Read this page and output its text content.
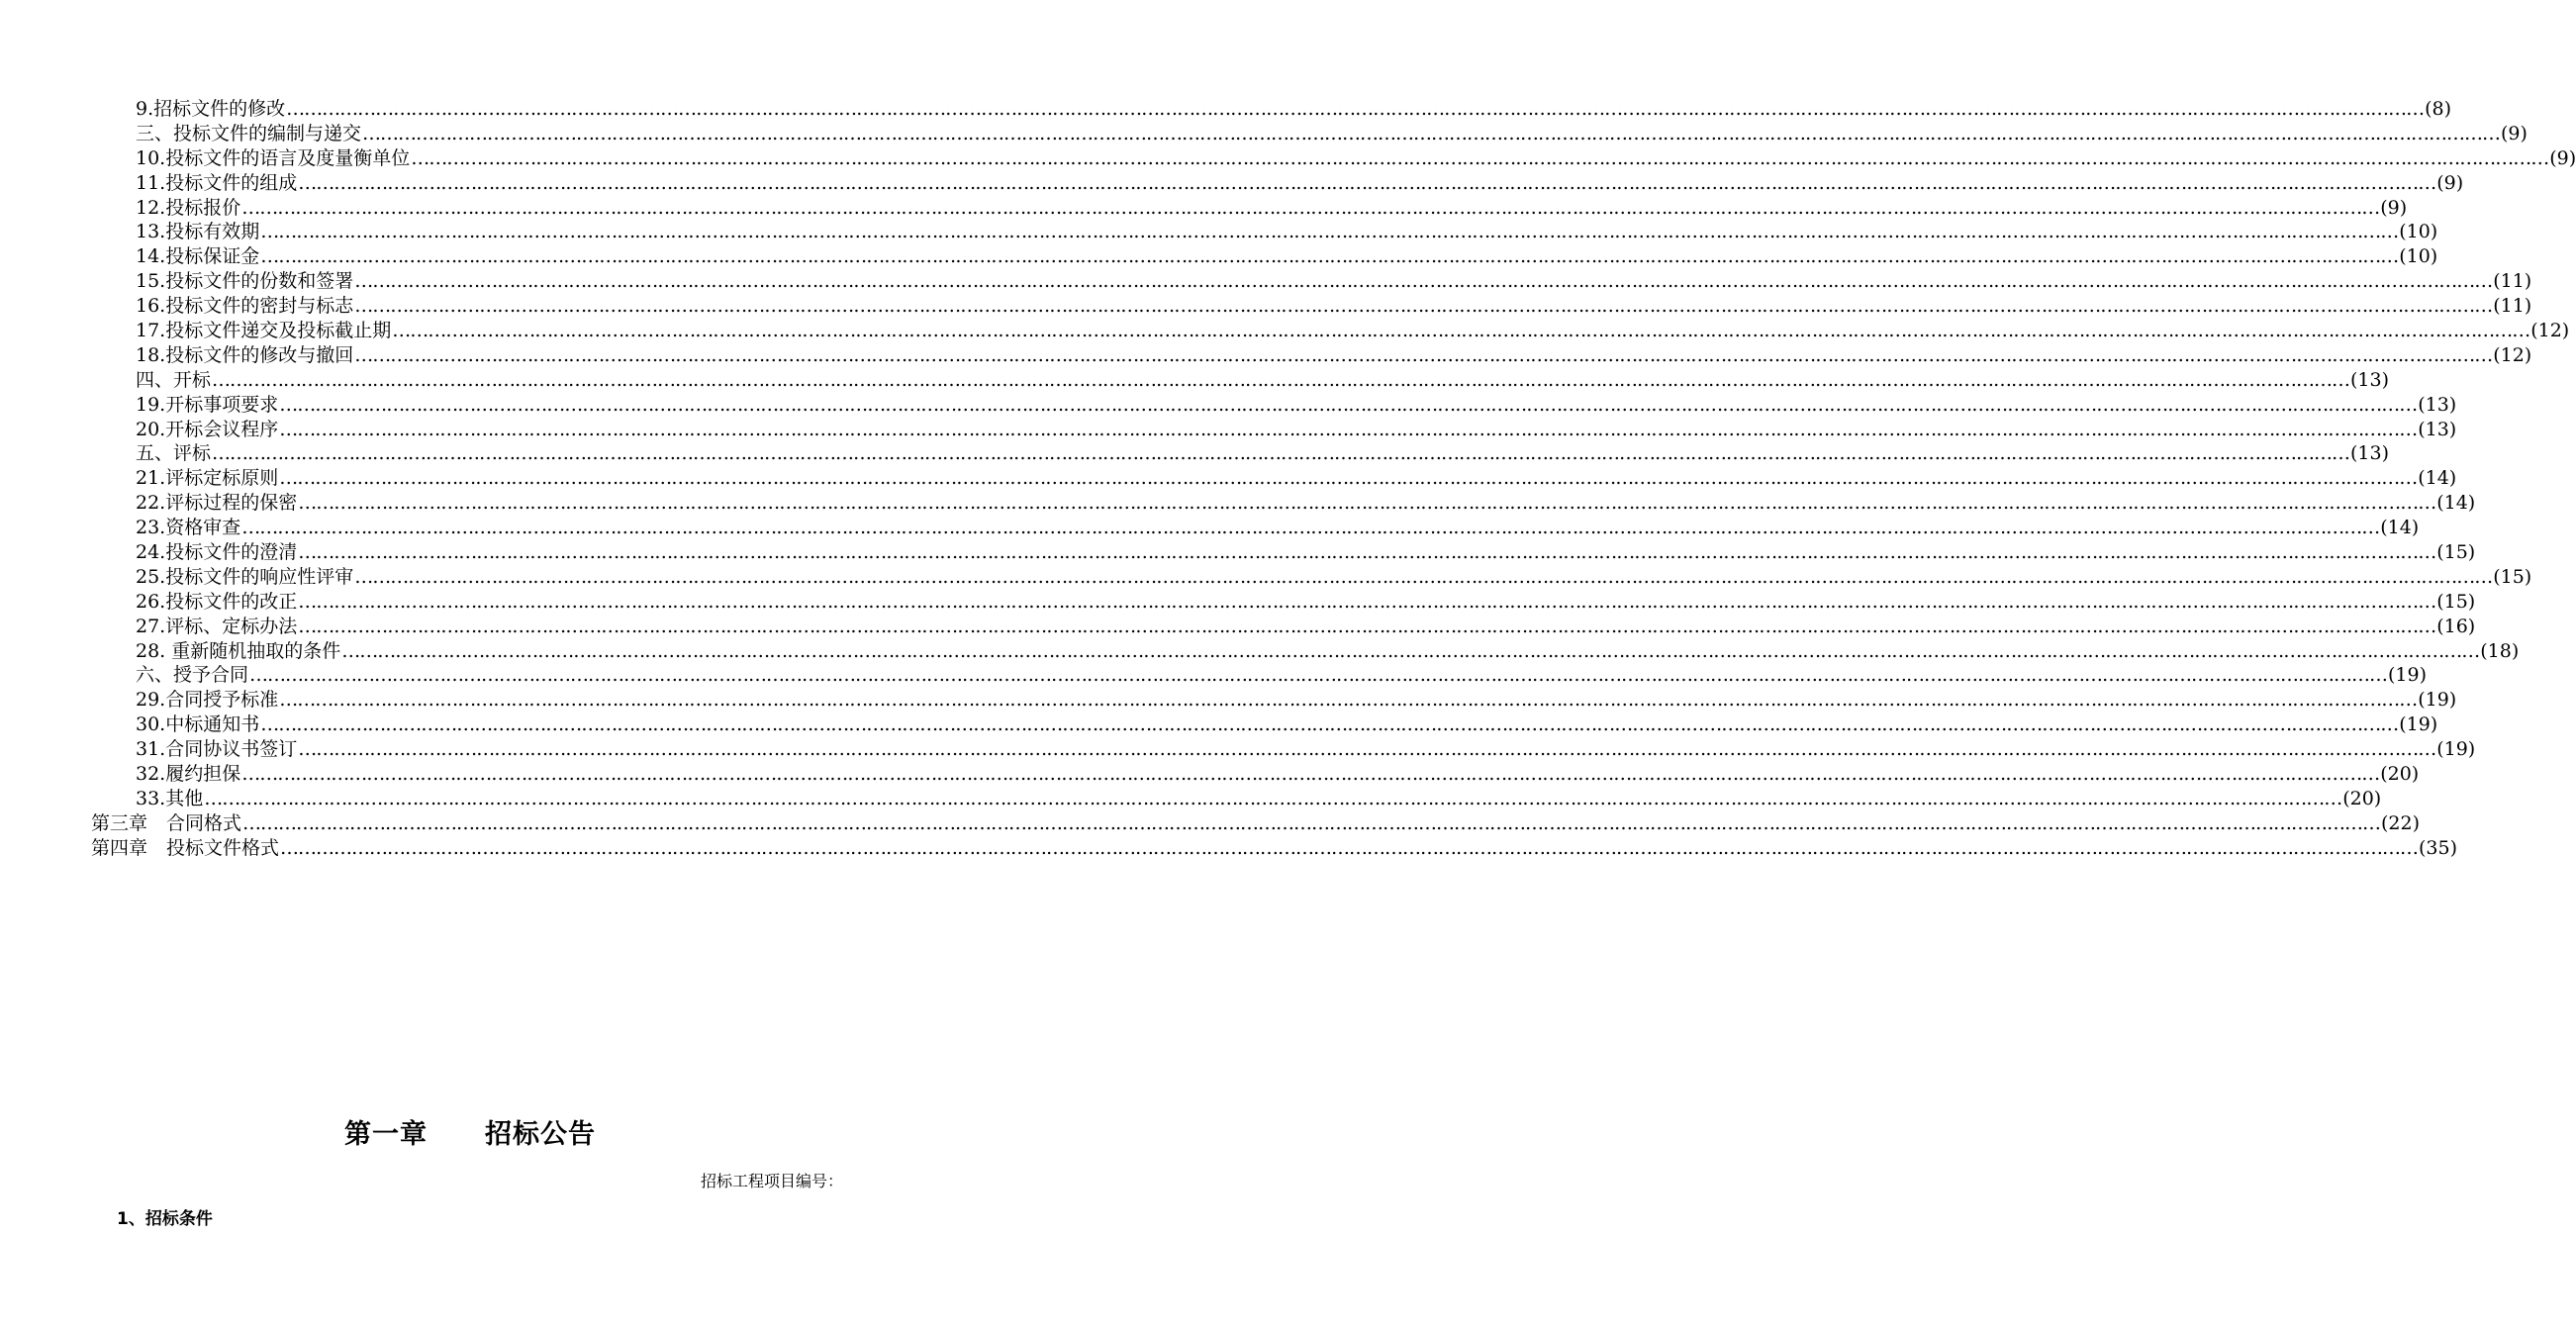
9.招标文件的修改 ……………………………………………………………………………………………………………………………………………………………………………………………………………………………………………………………………………………………………………………………… (8)
三、投标文件的编制与递交 ……………………………………………………………………………………………………………………………………………………………………………………………………………………………………………………………………………………………………………………………… (9)
10.投标文件的语言及度量衡单位 ……………………………………………………………………………………………………………………………………………………………………………………………………………………………………………………………………………………………………………………………… (9)
11.投标文件的组成 ……………………………………………………………………………………………………………………………………………………………………………………………………………………………………………………………………………………………………………………………… (9)
12.投标报价 ……………………………………………………………………………………………………………………………………………………………………………………………………………………………………………………………………………………………………………………………… (9)
13.投标有效期 ……………………………………………………………………………………………………………………………………………………………………………………………………………………………………………………………………………………………………………………………… (10)
14.投标保证金 ……………………………………………………………………………………………………………………………………………………………………………………………………………………………………………………………………………………………………………………………… (10)
15.投标文件的份数和签署 ……………………………………………………………………………………………………………………………………………………………………………………………………………………………………………………………………………………………………………………………… (11)
16.投标文件的密封与标志 ……………………………………………………………………………………………………………………………………………………………………………………………………………………………………………………………………………………………………………………………… (11)
17.投标文件递交及投标截止期 ……………………………………………………………………………………………………………………………………………………………………………………………………………………………………………………………………………………………………………………………… (12)
18.投标文件的修改与撤回 ……………………………………………………………………………………………………………………………………………………………………………………………………………………………………………………………………………………………………………………………… (12)
四、开标 ……………………………………………………………………………………………………………………………………………………………………………………………………………………………………………………………………………………………………………………………… (13)
19.开标事项要求 ……………………………………………………………………………………………………………………………………………………………………………………………………………………………………………………………………………………………………………………………… (13)
20.开标会议程序 ……………………………………………………………………………………………………………………………………………………………………………………………………………………………………………………………………………………………………………………………… (13)
五、评标 ……………………………………………………………………………………………………………………………………………………………………………………………………………………………………………………………………………………………………………………………… (13)
21.评标定标原则 ……………………………………………………………………………………………………………………………………………………………………………………………………………………………………………………………………………………………………………………………… (14)
22.评标过程的保密 ……………………………………………………………………………………………………………………………………………………………………………………………………………………………………………………………………………………………………………………………… (14)
23.资格审查 ……………………………………………………………………………………………………………………………………………………………………………………………………………………………………………………………………………………………………………………………… (14)
24.投标文件的澄清 ……………………………………………………………………………………………………………………………………………………………………………………………………………………………………………………………………………………………………………………………… (15)
25.投标文件的响应性评审 ……………………………………………………………………………………………………………………………………………………………………………………………………………………………………………………………………………………………………………………………… (15)
26.投标文件的改正 ……………………………………………………………………………………………………………………………………………………………………………………………………………………………………………………………………………………………………………………………… (15)
27.评标、定标办法 ……………………………………………………………………………………………………………………………………………………………………………………………………………………………………………………………………………………………………………………………… (16)
28. 重新随机抽取的条件 ……………………………………………………………………………………………………………………………………………………………………………………………………………………………………………………………………………………………………………………………… (18)
六、授予合同 ……………………………………………………………………………………………………………………………………………………………………………………………………………………………………………………………………………………………………………………………… (19)
29.合同授予标准 ……………………………………………………………………………………………………………………………………………………………………………………………………………………………………………………………………………………………………………………………… (19)
30.中标通知书 ……………………………………………………………………………………………………………………………………………………………………………………………………………………………………………………………………………………………………………………………… (19)
31.合同协议书签订 ……………………………………………………………………………………………………………………………………………………………………………………………………………………………………………………………………………………………………………………………… (19)
32.履约担保 ……………………………………………………………………………………………………………………………………………………………………………………………………………………………………………………………………………………………………………………………… (20)
33.其他 ……………………………………………………………………………………………………………………………………………………………………………………………………………………………………………………………………………………………………………………………… (20)
第三章　合同格式 ……………………………………………………………………………………………………………………………………………………………………………………………………………………………………………………………………………………………………………………………… (22)
第四章　投标文件格式 ……………………………………………………………………………………………………………………………………………………………………………………………………………………………………………………………………………………………………………………………… (35)
第一章 招标公告
招标工程项目编号：
1、招标条件
